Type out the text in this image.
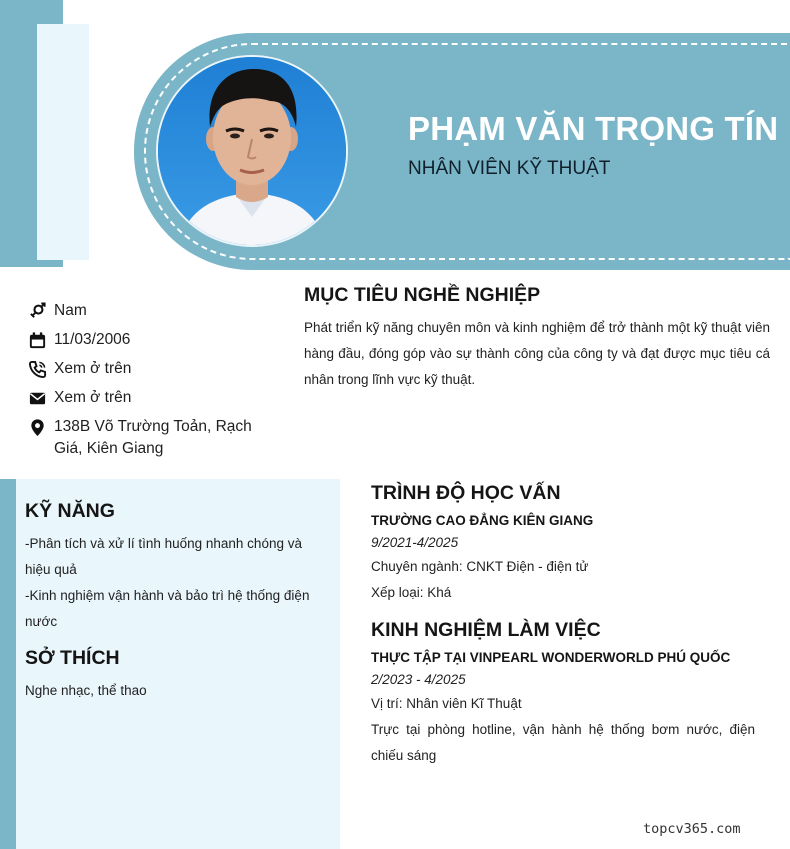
PHẠM VĂN TRỌNG TÍN
NHÂN VIÊN KỸ THUẬT
Nam
11/03/2006
Xem ở trên
Xem ở trên
138B Võ Trường Toản, Rạch Giá, Kiên Giang
MỤC TIÊU NGHỀ NGHIỆP

Phát triển kỹ năng chuyên môn và kinh nghiệm để trở thành một kỹ thuật viên hàng đầu, đóng góp vào sự thành công của công ty và đạt được mục tiêu cá nhân trong lĩnh vực kỹ thuật.

KỸ NĂNG

-Phân tích và xử lí tình huống nhanh chóng và hiệu quả

-Kinh nghiệm vận hành và bảo trì hệ thống điện nước

SỞ THÍCH

Nghe nhạc, thể thao

TRÌNH ĐỘ HỌC VẤN
TRƯỜNG CAO ĐẲNG KIÊN GIANG
9/2021-4/2025

Chuyên ngành: CNKT Điện - điện tử

Xếp loại: Khá

KINH NGHIỆM LÀM VIỆC
THỰC TẬP TẠI VINPEARL WONDERWORLD PHÚ QUỐC
2/2023 - 4/2025

Vị trí: Nhân viên Kĩ Thuật

Trực tại phòng hotline, vận hành hệ thống bơm nước, điện chiếu sáng

topcv365.com
